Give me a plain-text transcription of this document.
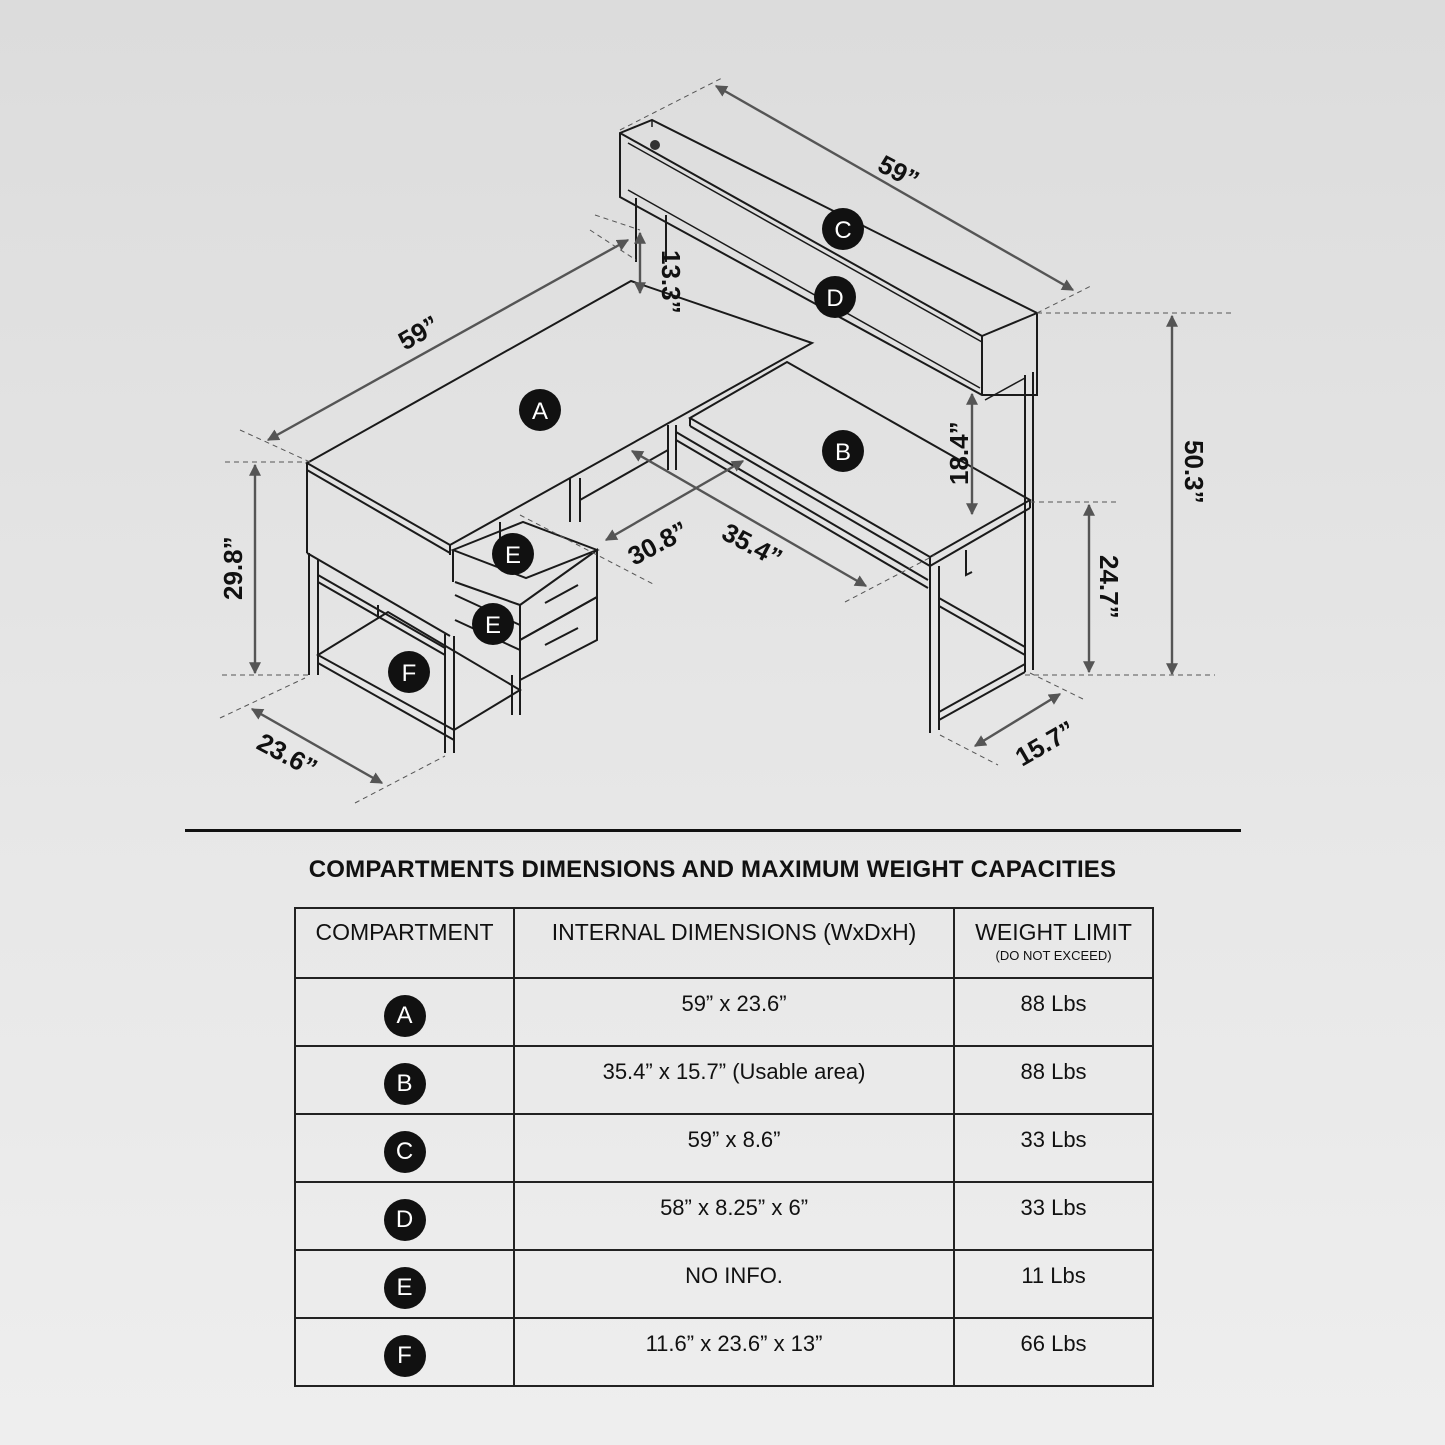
59”
59”
13.3”
18.4”	50.3”
24.7”
29.8”	30.8” 35.4”
15.7”
23.6”
A
B
C
D
E
E
F
COMPARTMENTS DIMENSIONS AND MAXIMUM WEIGHT CAPACITIES
COMPARTMENT	INTERNAL DIMENSIONS (WxDxH)	WEIGHT LIMIT
(DO NOT EXCEED)

A	59” x 23.6”	88 Lbs

B	35.4” x 15.7” (Usable area)	88 Lbs

C	59” x 8.6”	33 Lbs

D	58” x 8.25” x 6”	33 Lbs

E	NO INFO.	11 Lbs

F	11.6” x 23.6” x 13”	66 Lbs
